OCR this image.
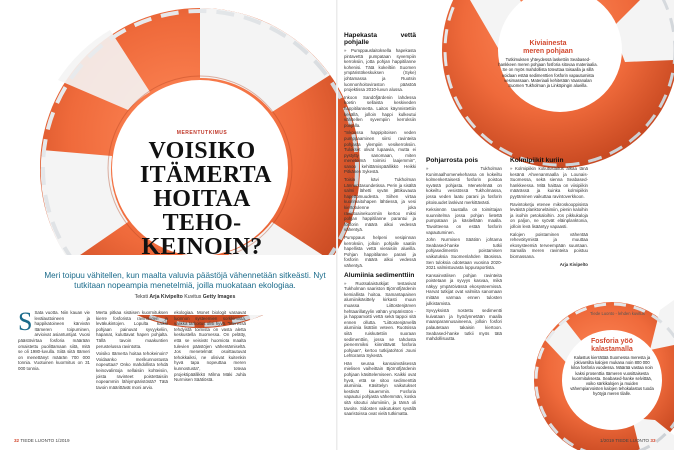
MERENTUTKIMUS
VOISIKO
ITÄMERTA
HOITAA
TEHO-
KEINOIN?
Meri toipuu vähitellen, kun maalta valuvia päästöjä vähennetään sitkeästi. Nyt tutkitaan nopeampia menetelmiä, joilla muokataan ekologiaa.
Teksti Arja Kivipelto Kuvitus Getty Images
S Sata vuotta. Niin kauan vie levälauttoineen ja happikatoineen kärvivän Itämeren toipuminen, arvioivat asiantuntijat. Vuosi päästövirtaa fosforia määrään omaistettu puolittamaan siitä, mitä se oli 1980-luvulla. Siitä siitä Itämeri on menettänyt määrän 700 000 tonnia. Vuotuinen kuormitus on 31 000 tonnia.

Merta pitkaa sisäisen kuormituksen kierre fosforista ravinteiden ja leväkukintojen. Lopulta kaikki pohjaan painuvat syvyykeliin, hapanat, kuluttavat hapen pohjalta. Tällä tavoin maakuntien perustelussa ravintotta.

Voisiko Itämerta hoitaa tehokeinoin? Voidaanko merikunnostusta nopeuttaa? Onko mahdollista tehdä keinovalintoja sellaisiin kohteisiin, joista ravinteet poistettaisiin nopeammin lähiympäristöstä? Tätä tavoin määrittävät moni arvio.

ekologiaa. Monet biologit varaavat luonnon systeemien sorkkimista, valikka tarkoitus olisi hyvä. "Meressä tehdyistä toimista on vasta aletta keskustella Suomessa. On pelätty, että se veisivät huomiota maalta tulevien päästöjen vähentämiseltä. Jos menetelmät osoittautuvat tehokkaiksi, ne olisivat kuitenkin hyvä tapa nopeuttaa meren kunnostusta", toteaa projektipäällikkö Milma Mäki Juhla Nurmisen Säätiöstä.

Hapekasta vettä pohjalle

» Pumppauslaitoksella hapekasta pintavettä pumpataan syvempiin kerroksiin, jotta pohjan happitilanne kohenisi. Tätä kokeiltiin Suomen ympäristökeskuksen (Syke) johtamassa ja Ruotsin luonnonhoitoviraston päästöä projektissa 2010-luvun alussa.

Inkoon Sandöfjärdenin lahdessa koetin sellaista keskiveden happitilannetta. Laitos käynnistettiin kesällä, jolloin happi kulkeutui vähitellen syvempiin kerroksiin pohjalla.

"Inkoossa happipitoisen veden pumppaaminen siirsi ravinteita pohjasta ylempiin vesikerroksiin. Tulokset olivat lupaavia, mutta ei pystytty sanomaan, miten menetelmä toimisi laajemmin", sanoo kehittämispäällikkö Heikki Pitkänen Sykestä.

Toisin kävi Tukholman Lännerstasundetissa. Perin ja sisältä salmi lähetti syvän jättikuvauta hapettomuudesta. Siihen virtaa kuorimaitohapen lähtiessä, ja vesi kiertotulenne joka ravintoainekuormiin kertoo miksi pohjan happitilanne parantui ja fosforin määrä alkoi vedessä vähentyä.

Pumppaus helpeni vesipinnan kerroksiin, jolloin pohjalle saatiin hapellista vettä vieraisiin alueilla. Pohjan happitilanne parani ja fosforin määrä alkoi vedessä vähentyä.

Alumiinia sedimenttiin

» Ruotsalaistutkijat testasivat Tukholman saariston Björnöfjärdenin kemiallista hoitoa. Samantapainen alumiinikäsittely kirkasti muun muassa Liittostenjärven hehtaarillatyylin vähän ympäristöön - ja happamoitti vettä sekä tappoi sitä ennen ollutta. "Liittostenjärvellä alumiinia lisättiin veteen. Ruotsissa siitä ruiskutettiin suoraan sedimenttiin, jossa se tahdosta pienemmiksi kiinnittävät fosforia pohjaan", kertoo tutkijatohtori Jouni Lehtoranta Sykestä.

Hän seuraa kansainvälisessä mielisen vaiheittain Björnöfjärdenin pohjaan käsittelemiseen. Kaikki ovat hyvä, että se sitoo sedimenttiä alumiinia. Käsittelyn vaikutukset kestivät kauemmin. Fosforia vapautui pohjasta vähemmän, koska sitä sitoutui alumiiniin, ja tämä oli tavoite. Sidosten vaikutukset syvällä saaristoissa ovat vielä tutkimatta.

Kiviainesta
meren pohjaan
Tutkimuksen yhteydessä laskettiin Seabased-hankkeen meren pohjaan fosforia sitovaa materiaalia. Se on myös mahdollista toteuttaa toisaalla ja sillä voidaan estää sedimenttien fosforin vapautumista vesimassaan. Materiaali kehitetään Vaaranalan Suomen Tukholman ja Linköpingin alueilla.
Pohjarrosta pois

» Tukholman Kunimaalhomenekehassa on kokeiltu kolmenkertaisesti fosforin poistoa syvästä pohjasta. Menetelmää on kokeiltu vesistössä Tukholmassa, jossa veden laatu parani ja fosforin pitoisuudet laskivat merkittävästi.

Keksinnön taustalla on toimittajan suunnitelma jossa pohjan lietettä pumpataan ja käsitellään maalla. Tavoitteena on estää fosforin vapautuminen.

John Nurmisen Säätiön johtama Seabased-hanke tutkii pohjasedimentin poistamisen vaikutuksia Suomenlahden itäosissa. Sen tuloksia odotetaan vuosina 2020-2021 valmistuvasta loppuraportista.

Kansainvälisen pohjan ravinteita poistetaan ja syvyys kasvaa, mikä näkyy ympäröivässä ekosysteemissä. Harvat tutkijat ovat valmiita sanomaan mitään varmaa ennen tulosten julkistamista.

Syvyyksistä nostettu sedimentti kuivataan ja hyödynnetään maalla maanparannusaineena, jolloin fosfori palautetaan takaisin kiertoon. Seabased-hanke tutkii myös tätä mahdollisuutta.

Kolmipiikit kuriin

» Kolmipiikin kotiutuslaitus alkaa tänä kesänä Ahvenanmaalla ja Lounais-Suomessa, sekä sienna Seabased-hankkeessa. Mitä haittaa on viisipiikin määrässä ja kuinka kolmipiikin pyytäminen vaikuttaa ravintoverkkoon.

Ravintoketju etenee mikroskooppisista leväistä planktoneläimiin, pienin kaloihin ja isoihin petokaloihin. Jos pikkukaloja on paljon, ne syövät eläinplanktonia, jolloin levä lisääntyy vapaasti.

Kalojen poistaminen vähentää rehevöitymistä ja muuttaa ekosysteemiä terveempään suuntaan. Samalla meren ravinteita poistuu biomassana.

Arja Kivipelto

Tiede Luonto - lehden kuvitus
Fosforia yöö
kalastamalla
Kalastus kierrättää Suomessa meresta ja jokivarsilta kalojen mukana noin 800 000 kiloa fosforia vuodessa. Määrää vastaa noin kaksi prosenttia Itämeren vuosittaisesta kuormituksesta. Seabased-hanke selvittää, voiko särkikalojen ja muiden vähempiarvoisten kalojen tehokalastus tuoda hyötyjä meren tilalle.
32 TIEDE LUONTO 1/2019	1/2019 TIEDE LUONTO 33
